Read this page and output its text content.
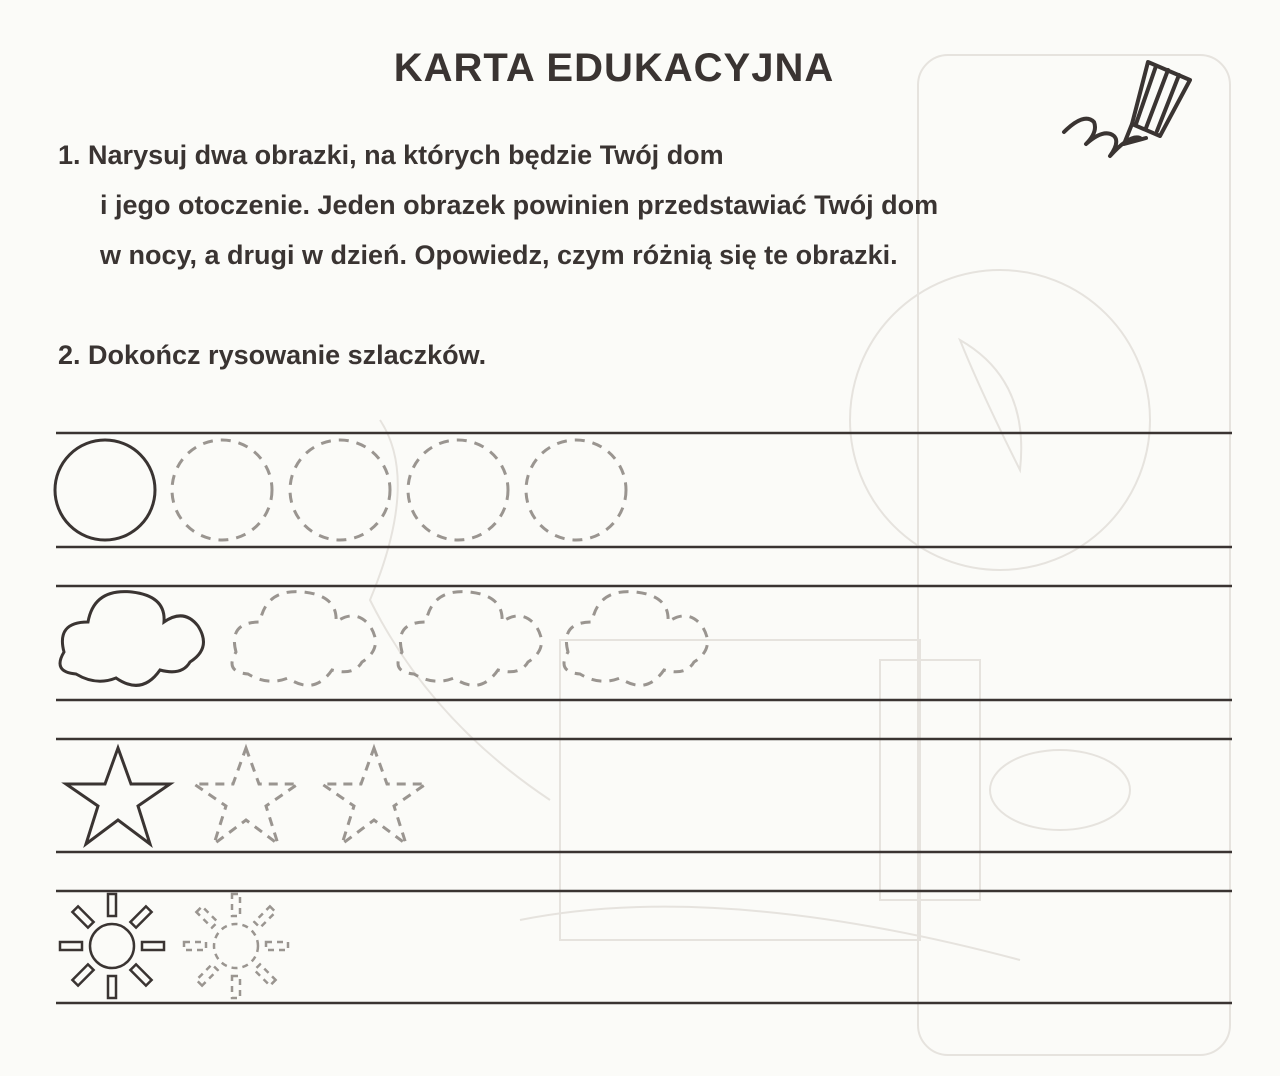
KARTA EDUKACYJNA
1. Narysuj dwa obrazki, na których będzie Twój dom
i jego otoczenie. Jeden obrazek powinien przedstawiać Twój dom
w nocy, a drugi w dzień. Opowiedz, czym różnią się te obrazki.
2. Dokończ rysowanie szlaczków.
